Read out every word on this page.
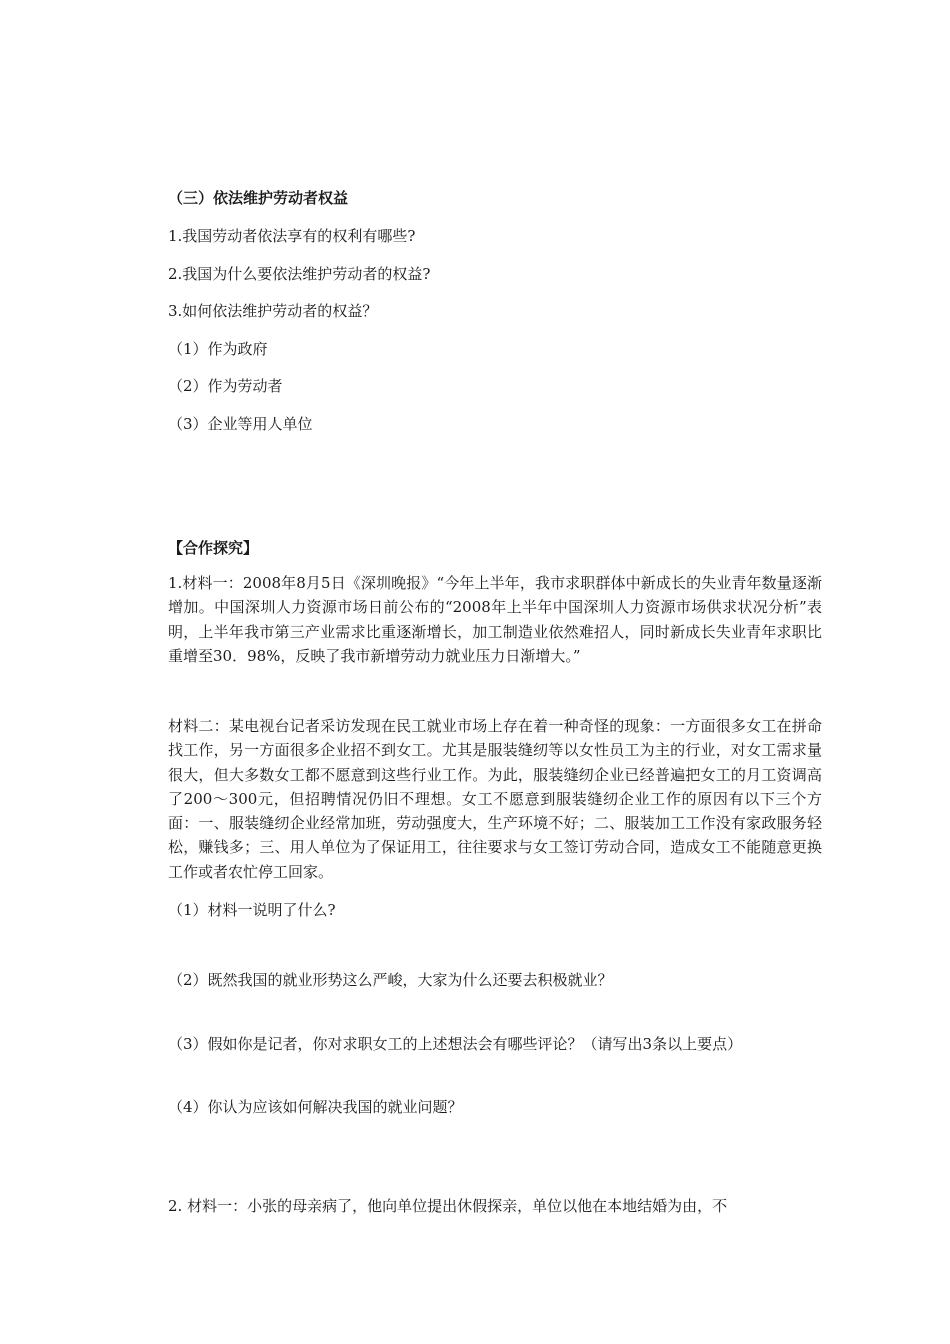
（三）依法维护劳动者权益
1.我国劳动者依法享有的权利有哪些?
2.我国为什么要依法维护劳动者的权益?
3.如何依法维护劳动者的权益？
（1）作为政府
（2）作为劳动者
（3）企业等用人单位
【合作探究】
1.材料一：2008年8月5日《深圳晚报》“今年上半年，我市求职群体中新成长的失业青年数量逐渐增加。中国深圳人力资源市场日前公布的“2008年上半年中国深圳人力资源市场供求状况分析”表明，上半年我市第三产业需求比重逐渐增长，加工制造业依然难招人，同时新成长失业青年求职比重增至30．98%，反映了我市新增劳动力就业压力日渐增大。”
材料二：某电视台记者采访发现在民工就业市场上存在着一种奇怪的现象：一方面很多女工在拼命找工作，另一方面很多企业招不到女工。尤其是服装缝纫等以女性员工为主的行业，对女工需求量很大，但大多数女工都不愿意到这些行业工作。为此，服装缝纫企业已经普遍把女工的月工资调高了200～300元，但招聘情况仍旧不理想。女工不愿意到服装缝纫企业工作的原因有以下三个方面：一、服装缝纫企业经常加班，劳动强度大，生产环境不好；二、服装加工工作没有家政服务轻松，赚钱多；三、用人单位为了保证用工，往往要求与女工签订劳动合同，造成女工不能随意更换工作或者农忙停工回家。
（1）材料一说明了什么?
（2）既然我国的就业形势这么严峻，大家为什么还要去积极就业？
（3）假如你是记者，你对求职女工的上述想法会有哪些评论？（请写出3条以上要点）
（4）你认为应该如何解决我国的就业问题？
2. 材料一：小张的母亲病了，他向单位提出休假探亲，单位以他在本地结婚为由，不
